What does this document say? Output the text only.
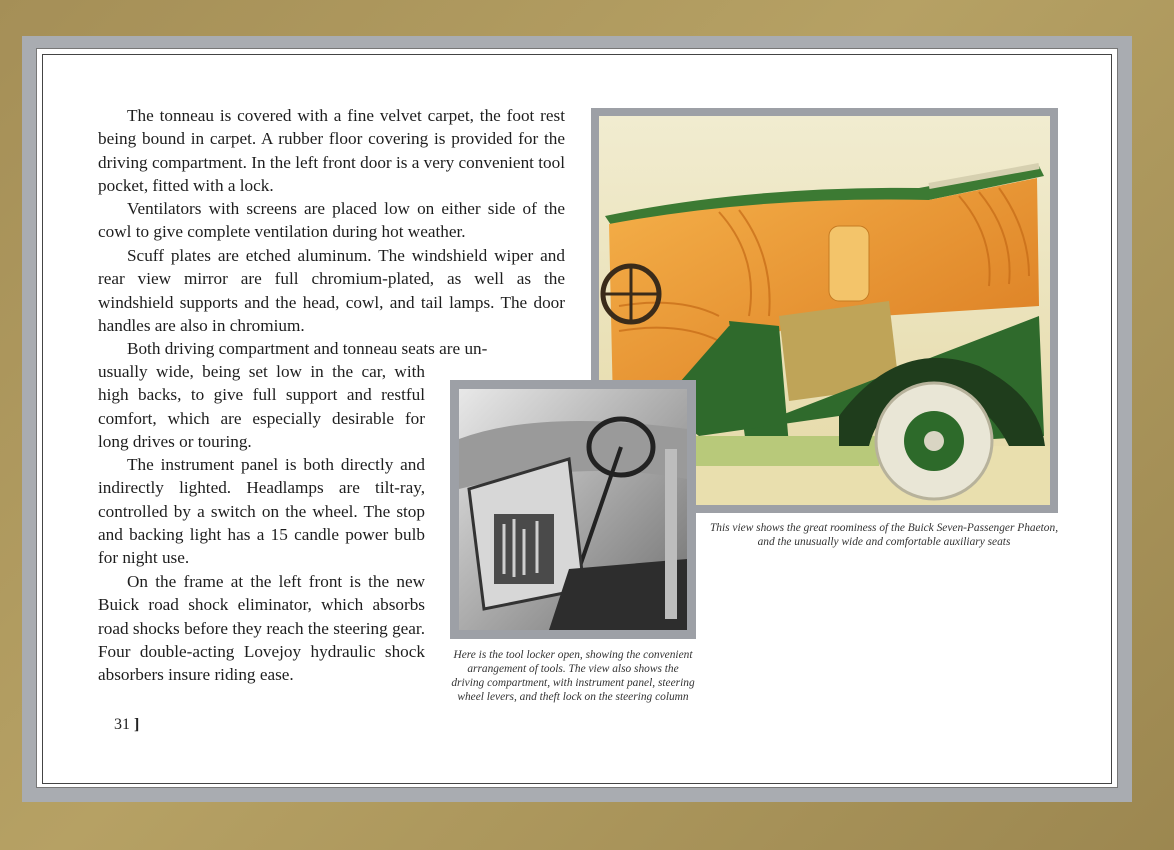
The tonneau is covered with a fine velvet carpet, the foot rest being bound in carpet. A rubber floor covering is provided for the driving compartment. In the left front door is a very convenient tool pocket, fitted with a lock.

Ventilators with screens are placed low on either side of the cowl to give complete ventilation during hot weather.

Scuff plates are etched aluminum. The windshield wiper and rear view mirror are full chromium-plated, as well as the windshield supports and the head, cowl, and tail lamps. The door handles are also in chromium.

Both driving compartment and tonneau seats are un-

usually wide, being set low in the car, with high backs, to give full support and restful comfort, which are especially desirable for long drives or touring.

The instrument panel is both directly and indirectly lighted. Headlamps are tilt-ray, controlled by a switch on the wheel. The stop and backing light has a 15 candle power bulb for night use.

On the frame at the left front is the new Buick road shock eliminator, which absorbs road shocks before they reach the steering gear. Four double-acting Lovejoy hydraulic shock absorbers insure riding ease.

31 ]

This view shows the great roominess of the Buick Seven-Passenger Phaeton, and the unusually wide and comfortable auxiliary seats

Here is the tool locker open, showing the convenient arrangement of tools. The view also shows the driving compartment, with instrument panel, steering wheel levers, and theft lock on the steering column
